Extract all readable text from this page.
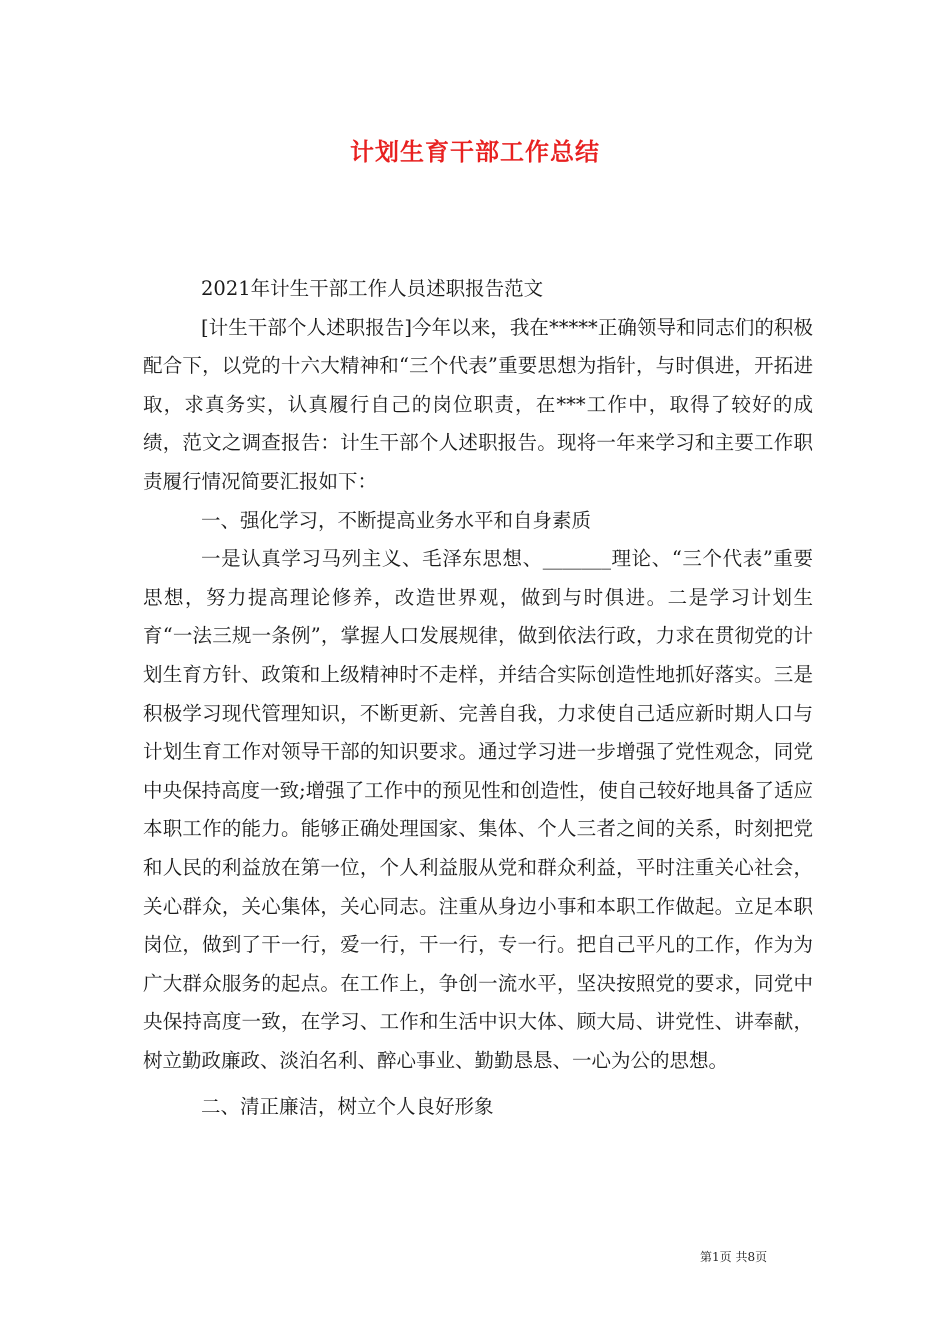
计划生育干部工作总结

2021年计生干部工作人员述职报告范文

[计生干部个人述职报告]今年以来，我在*****正确领导和同志们的积极配合下，以党的十六大精神和“三个代表”重要思想为指针，与时俱进，开拓进取，求真务实，认真履行自己的岗位职责，在***工作中，取得了较好的成绩，范文之调查报告：计生干部个人述职报告。现将一年来学习和主要工作职责履行情况简要汇报如下：

一、强化学习，不断提高业务水平和自身素质

一是认真学习马列主义、毛泽东思想、_______理论、“三个代表”重要思想，努力提高理论修养，改造世界观，做到与时俱进。二是学习计划生育“一法三规一条例”，掌握人口发展规律，做到依法行政，力求在贯彻党的计划生育方针、政策和上级精神时不走样，并结合实际创造性地抓好落实。三是积极学习现代管理知识，不断更新、完善自我，力求使自己适应新时期人口与计划生育工作对领导干部的知识要求。通过学习进一步增强了党性观念，同党中央保持高度一致;增强了工作中的预见性和创造性，使自己较好地具备了适应本职工作的能力。能够正确处理国家、集体、个人三者之间的关系，时刻把党和人民的利益放在第一位，个人利益服从党和群众利益，平时注重关心社会，关心群众，关心集体，关心同志。注重从身边小事和本职工作做起。立足本职岗位，做到了干一行，爱一行，干一行，专一行。把自己平凡的工作，作为为广大群众服务的起点。在工作上，争创一流水平，坚决按照党的要求，同党中央保持高度一致，在学习、工作和生活中识大体、顾大局、讲党性、讲奉献，树立勤政廉政、淡泊名利、醉心事业、勤勤恳恳、一心为公的思想。

二、清正廉洁，树立个人良好形象

第1页 共8页
